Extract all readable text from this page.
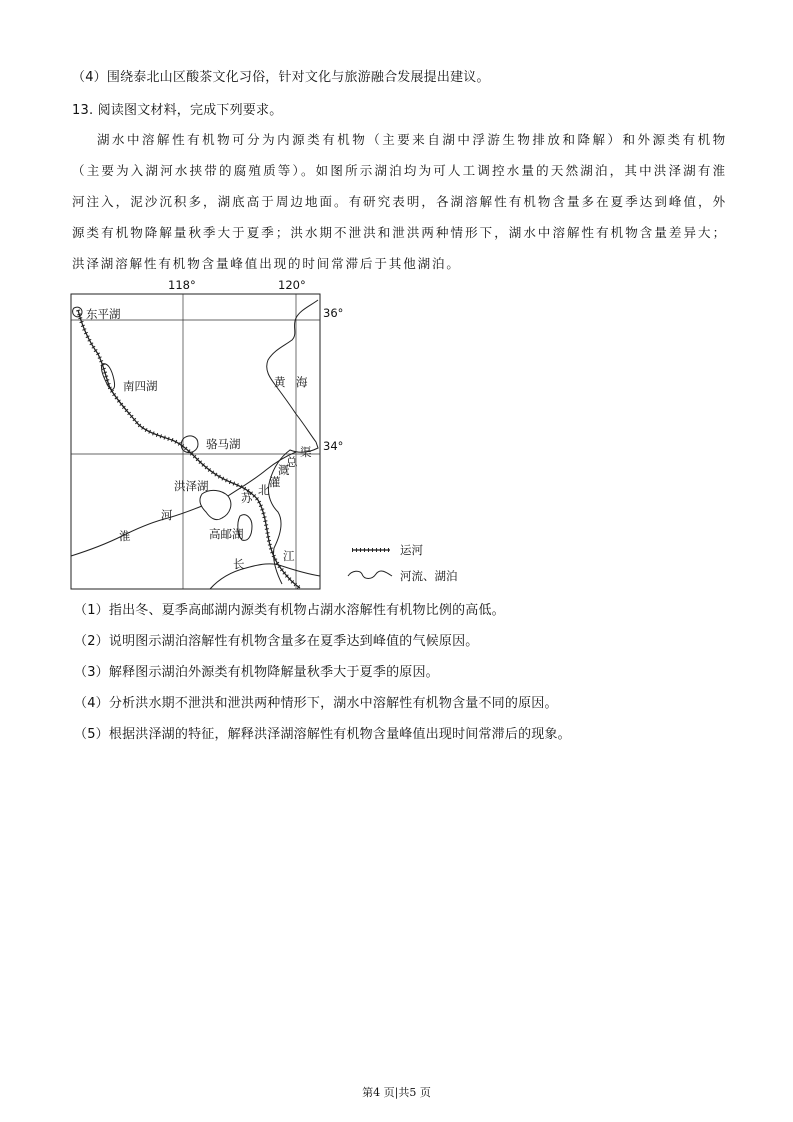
（4）围绕泰北山区酸茶文化习俗，针对文化与旅游融合发展提出建议。
13. 阅读图文材料，完成下列要求。
湖水中溶解性有机物可分为内源类有机物（主要来自湖中浮游生物排放和降解）和外源类有机物（主要为入湖河水挟带的腐殖质等）。如图所示湖泊均为可人工调控水量的天然湖泊，其中洪泽湖有淮河注入，泥沙沉积多，湖底高于周边地面。有研究表明，各湖溶解性有机物含量多在夏季达到峰值，外源类有机物降解量秋季大于夏季；洪水期不泄洪和泄洪两种情形下，湖水中溶解性有机物含量差异大；洪泽湖溶解性有机物含量峰值出现的时间常滞后于其他湖泊。
118°	120°
36°
34°
东平湖
南四湖
骆马湖
洪泽湖
高邮湖
黄 海
渠
总
溉
灌
北
苏
淮
河
长
江	运河
河流、湖泊
（1）指出冬、夏季高邮湖内源类有机物占湖水溶解性有机物比例的高低。
（2）说明图示湖泊溶解性有机物含量多在夏季达到峰值的气候原因。
（3）解释图示湖泊外源类有机物降解量秋季大于夏季的原因。
（4）分析洪水期不泄洪和泄洪两种情形下，湖水中溶解性有机物含量不同的原因。
（5）根据洪泽湖的特征，解释洪泽湖溶解性有机物含量峰值出现时间常滞后的现象。
第4 页|共5 页
